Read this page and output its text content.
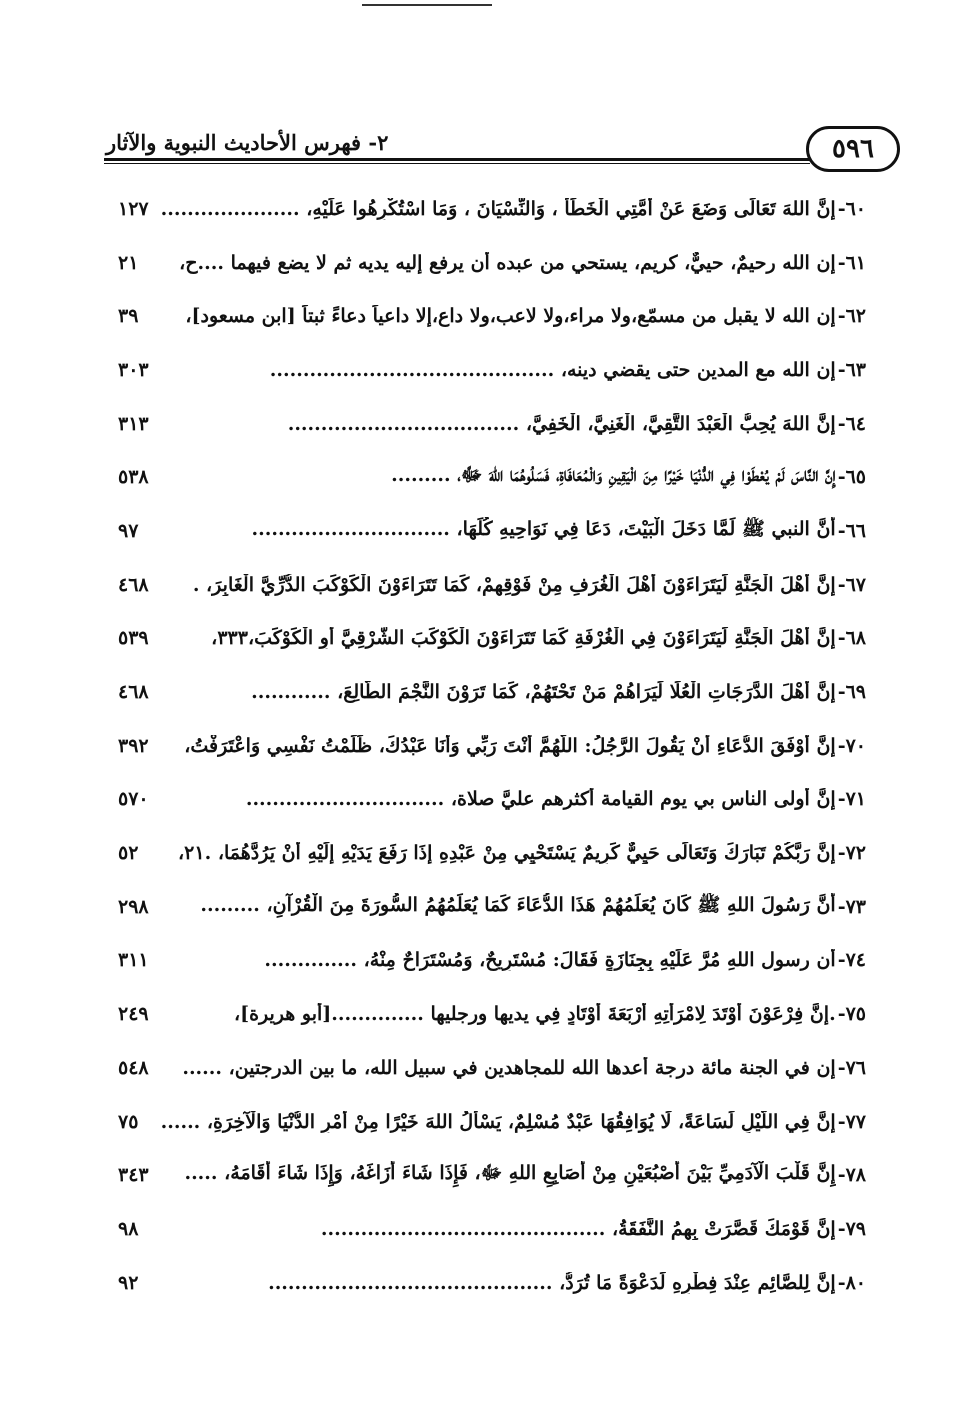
٢- فهرس الأحاديث النبوية والآثار	٥٩٦
١٢٧ إِنَّ اللهَ تَعَالَى وَضَعَ عَنْ أُمَّتِي الْخَطَأَ ، وَالنِّسْيَانَ ، وَمَا اسْتُكْرِهُوا عَلَيْهِ، ..................... ٦٠-
٢١	إن الله رحيمٌ، حييٌّ، كريم، يستحي من عبده أن يرفع إليه يديه ثم لا يضع فيهما ....ح، ٦١-
٣٩	إن الله لا يقبل من مسمّعٍ،ولا مراء،ولا لاعب،ولا داعٍ،إلا داعياً دعاءً ثبتاً [ابن مسعود]، ٦٢-
٣٠٣	إن الله مع المدين حتى يقضي دينه، ........................................... ٦٣-
٣١٣	إِنَّ اللهَ يُحِبُّ الْعَبْدَ التَّقِيَّ، الْغَنِيَّ، الْخَفِيَّ، ................................... ٦٤-
٥٣٨	إِنَّ النَّاسَ لَمْ يُعْطَوْا فِي الدُّنْيَا خَيْرًا مِنَ الْيَقِينِ وَالْمُعَافَاةِ، فَسَلُوهُمَا اللهَ ﷻ، ......... ٦٥-
٩٧	أَنَّ النبي ﷺ لَمَّا دَخَلَ الْبَيْتَ، دَعَا فِي نَوَاحِيهِ كُلِّهَا، .............................. ٦٦-
٤٦٨	إِنَّ أَهْلَ الْجَنَّةِ لَيَتَرَاءَوْنَ أَهْلَ الْغُرَفِ مِنْ فَوْقِهِمْ، كَمَا تَتَرَاءَوْنَ الْكَوْكَبَ الدُّرِّيَّ الْغَابِرَ، . ٦٧-
٥٣٩	إِنَّ أَهْلَ الْجَنَّةِ لَيَتَرَاءَوْنَ فِي الْغُرْفَةِ كَمَا تَتَرَاءَوْنَ الْكَوْكَبَ الشَّرْقِيَّ أَوِ الْكَوْكَبَ،٣٣٣، ٦٨-
٤٦٨	إِنَّ أَهْلَ الدَّرَجَاتِ الْعُلَا لَيَرَاهُمْ مَنْ تَحْتَهُمْ، كَمَا تَرَوْنَ النَّجْمَ الطَّالِعَ، ............ ٦٩-
٣٩٢	إِنَّ أَوْفَقَ الدُّعَاءِ أَنْ يَقُولَ الرَّجُلُ: اللَّهُمَّ أَنْتَ رَبِّي وَأَنَا عَبْدُكَ، ظَلَمْتُ نَفْسِي وَاعْتَرَفْتُ، ٧٠-
٥٧٠	إنَّ أولى الناس بي يوم القيامة أكثرهم عليَّ صلاة، .............................. ٧١-
٥٢	إِنَّ رَبَّكُمْ تَبَارَكَ وَتَعَالَى حَيِيٌّ كَرِيمٌ يَسْتَحْيِي مِنْ عَبْدِهِ إِذَا رَفَعَ يَدَيْهِ إِلَيْهِ أَنْ يَرُدَّهُمَا، .٢١، ٧٢-
٢٩٨	أَنَّ رَسُولَ اللهِ ﷺ كَانَ يُعَلِّمُهُمْ هَذَا الدُّعَاءَ كَمَا يُعَلِّمُهُمُ السُّورَةَ مِنَ الْقُرْآنِ، ......... ٧٣-
٣١١	أن رسول اللهِ مُرَّ عَلَيْهِ بِجِنَازَةٍ فَقَالَ: مُسْتَرِيحٌ، وَمُسْتَرَاحٌ مِنْهُ، .............. ٧٤-
٢٤٩	.إِنَّ فِرْعَوْنَ أَوْتَدَ لِامْرَأَتِهِ أَرْبَعَةَ أَوْتَادٍ فِي يديها ورجليها ..............[أبو هريرة]، ٧٥-
٥٤٨	إن في الجنة مائة درجة أعدها الله للمجاهدين في سبيل الله، ما بين الدرجتين، ...... ٧٦-
٧٥	إِنَّ فِي اللَّيْلِ لَسَاعَةً، لَا يُوَافِقُهَا عَبْدٌ مُسْلِمٌ، يَسْأَلُ اللهَ خَيْرًا مِنْ أَمْرِ الدُّنْيَا وَالْآخِرَةِ، ...... ٧٧-
٣٤٣	إِنَّ قَلْبَ الْآدَمِيِّ بَيْنَ أُصْبُعَيْنِ مِنْ أَصَابِعِ اللهِ ﷻ، فَإِذَا شَاءَ أَزَاغَهُ، وَإِذَا شَاءَ أَقَامَهُ، ..... ٧٨-
٩٨	إِنَّ قَوْمَكَ قَصَّرَتْ بِهِمُ النَّفَقَةُ، ........................................... ٧٩-
٩٢	إِنَّ لِلصَّائِمِ عِنْدَ فِطْرِهِ لَدَعْوَةً مَا تُرَدُّ، ........................................... ٨٠-
